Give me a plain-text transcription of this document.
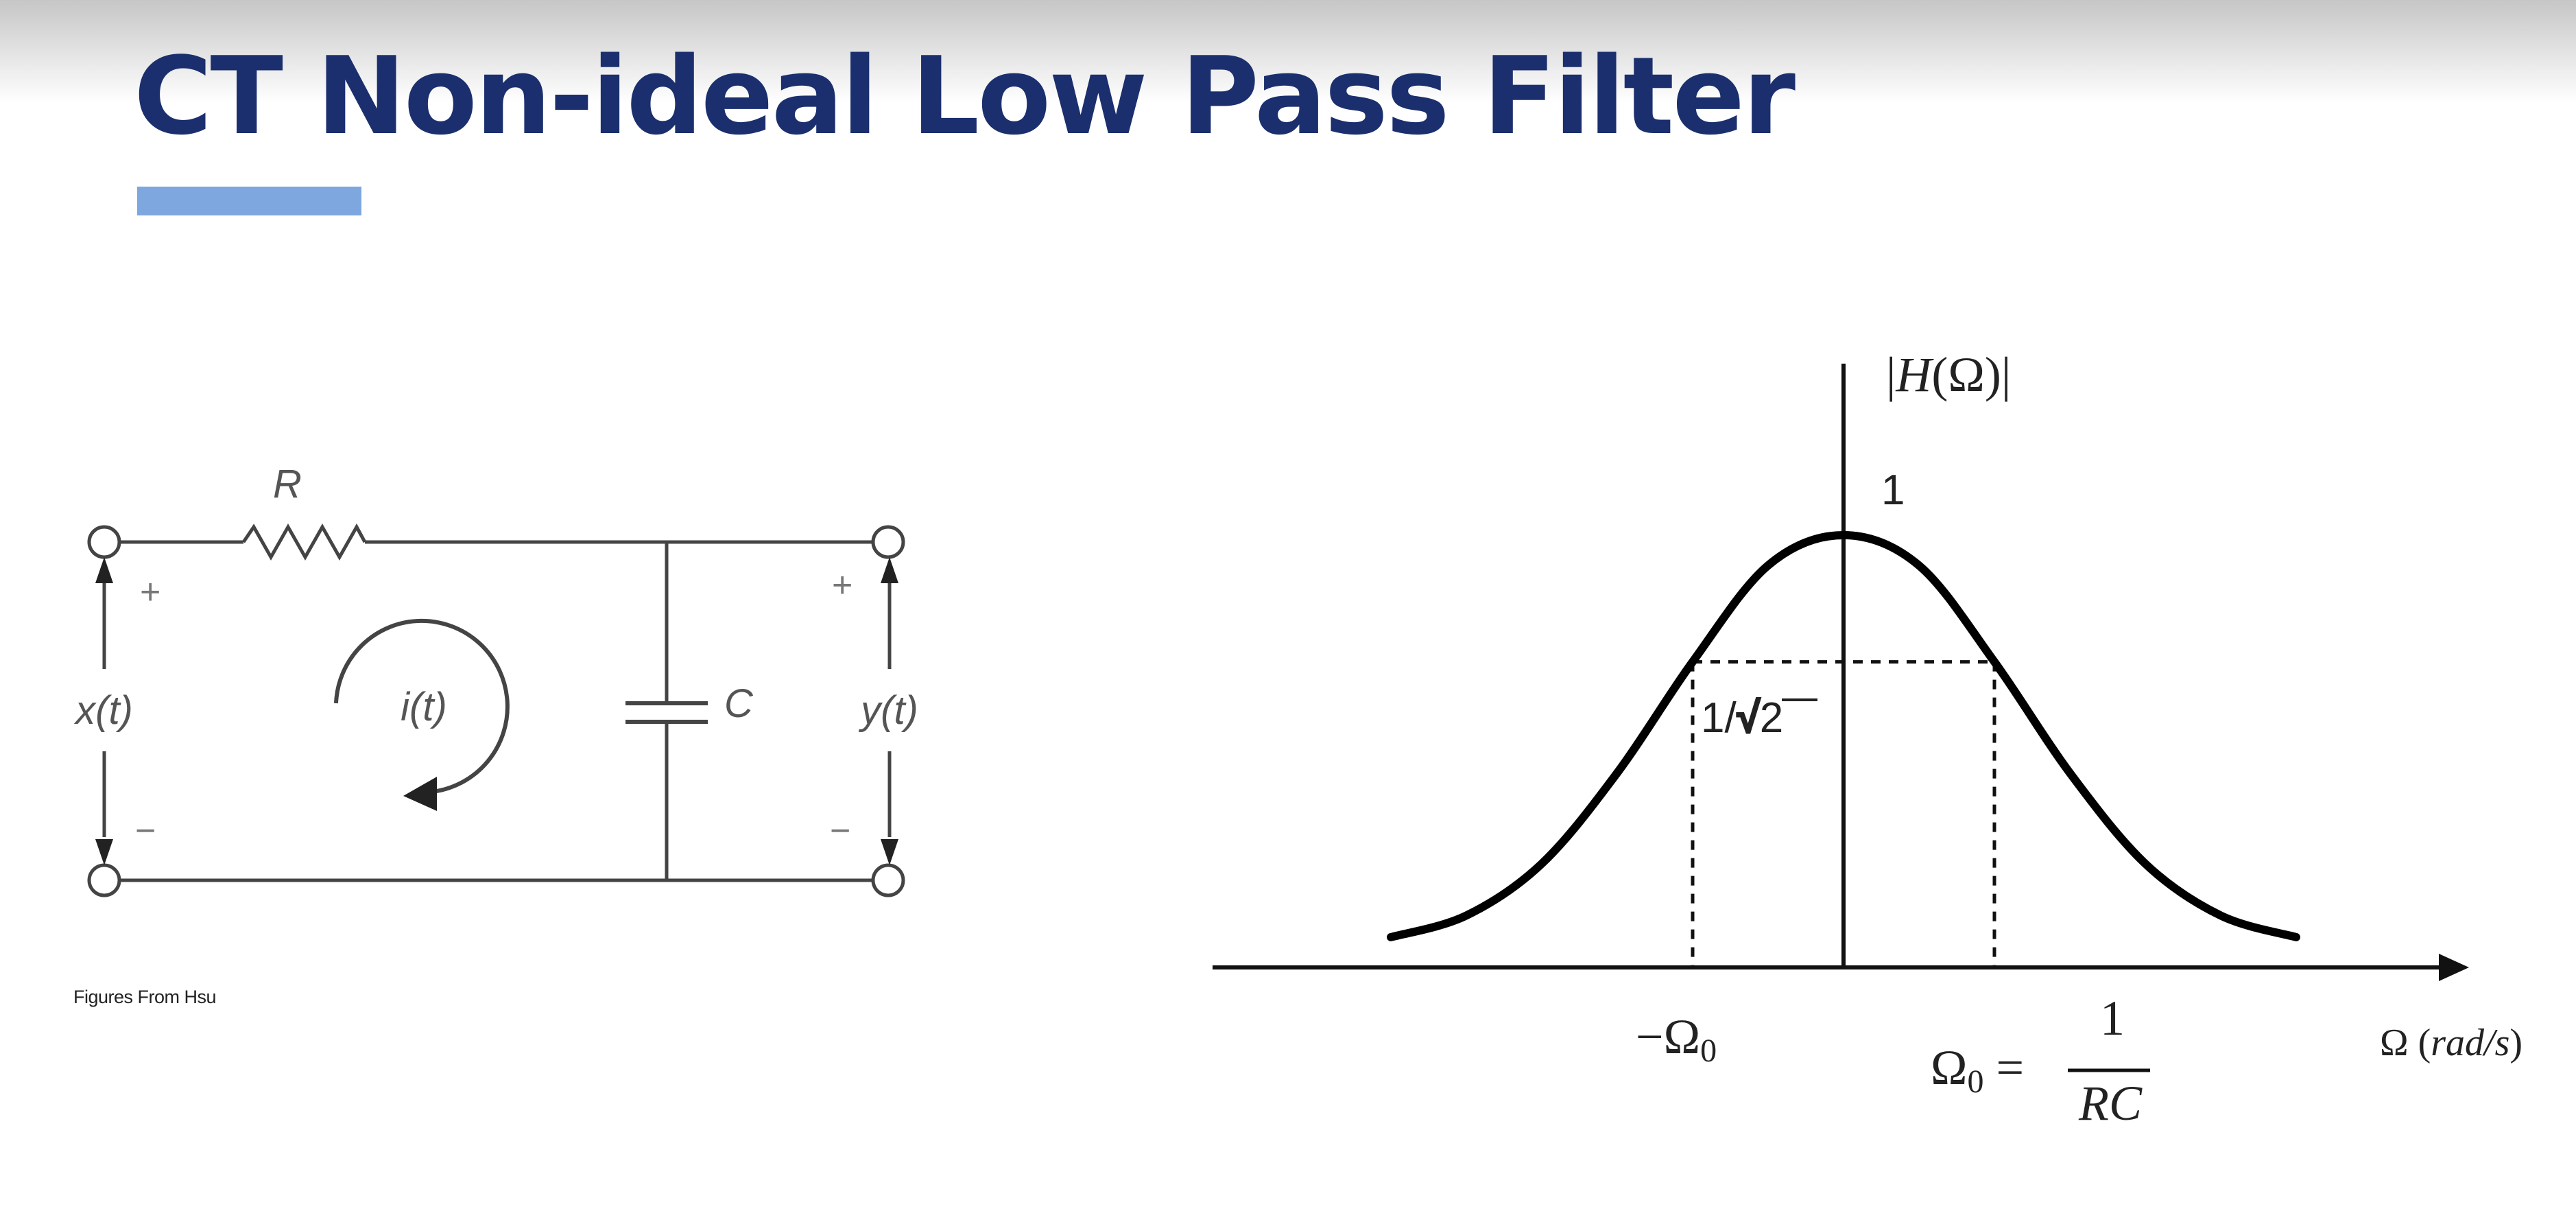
CT Non-ideal Low Pass Filter
R
C
i(t)
x(t)	y(t)
+	+
−	−
|H(Ω)|
1
1/√2
−Ω0	Ω0 =
1
RC
Ω (rad/s)
Figures From Hsu
